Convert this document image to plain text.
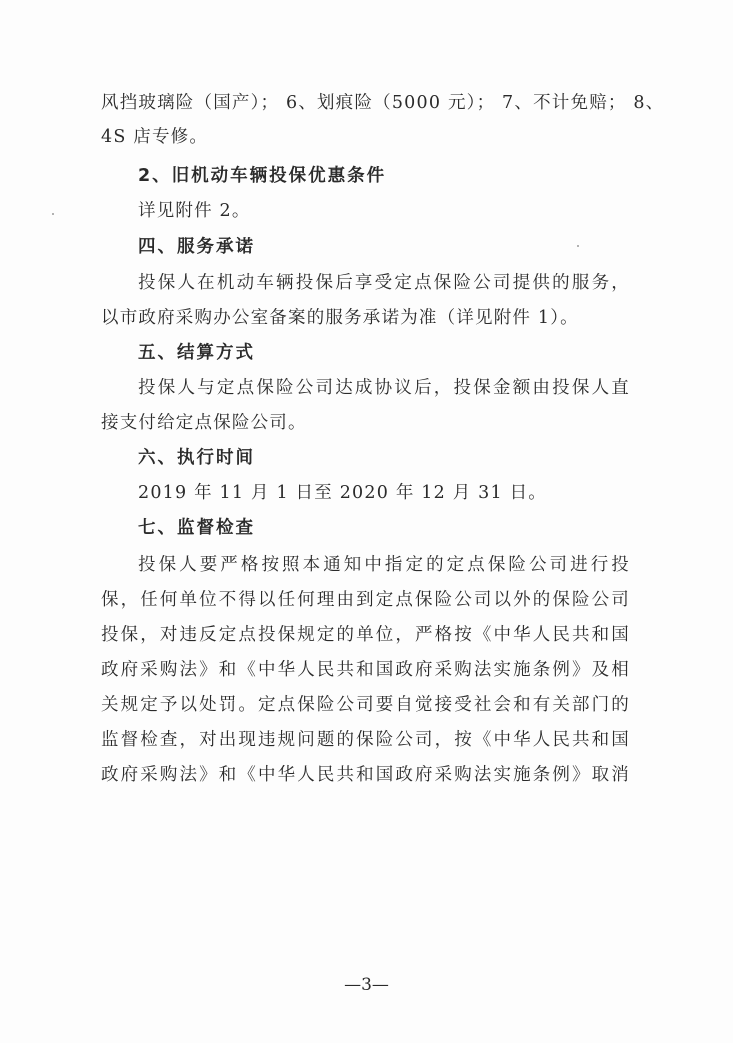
风挡玻璃险（国产）； 6、划痕险（5000 元）； 7、不计免赔； 8、
4S 店专修。
2、旧机动车辆投保优惠条件
详见附件 2。
四、服务承诺
投保人在机动车辆投保后享受定点保险公司提供的服务，
以市政府采购办公室备案的服务承诺为准（详见附件 1）。
五、结算方式
投保人与定点保险公司达成协议后，投保金额由投保人直
接支付给定点保险公司。
六、执行时间
2019 年 11 月 1 日至 2020 年 12 月 31 日。
七、监督检查
投保人要严格按照本通知中指定的定点保险公司进行投
保，任何单位不得以任何理由到定点保险公司以外的保险公司
投保，对违反定点投保规定的单位，严格按《中华人民共和国
政府采购法》和《中华人民共和国政府采购法实施条例》及相
关规定予以处罚。定点保险公司要自觉接受社会和有关部门的
监督检查，对出现违规问题的保险公司，按《中华人民共和国
政府采购法》和《中华人民共和国政府采购法实施条例》取消
—3—
